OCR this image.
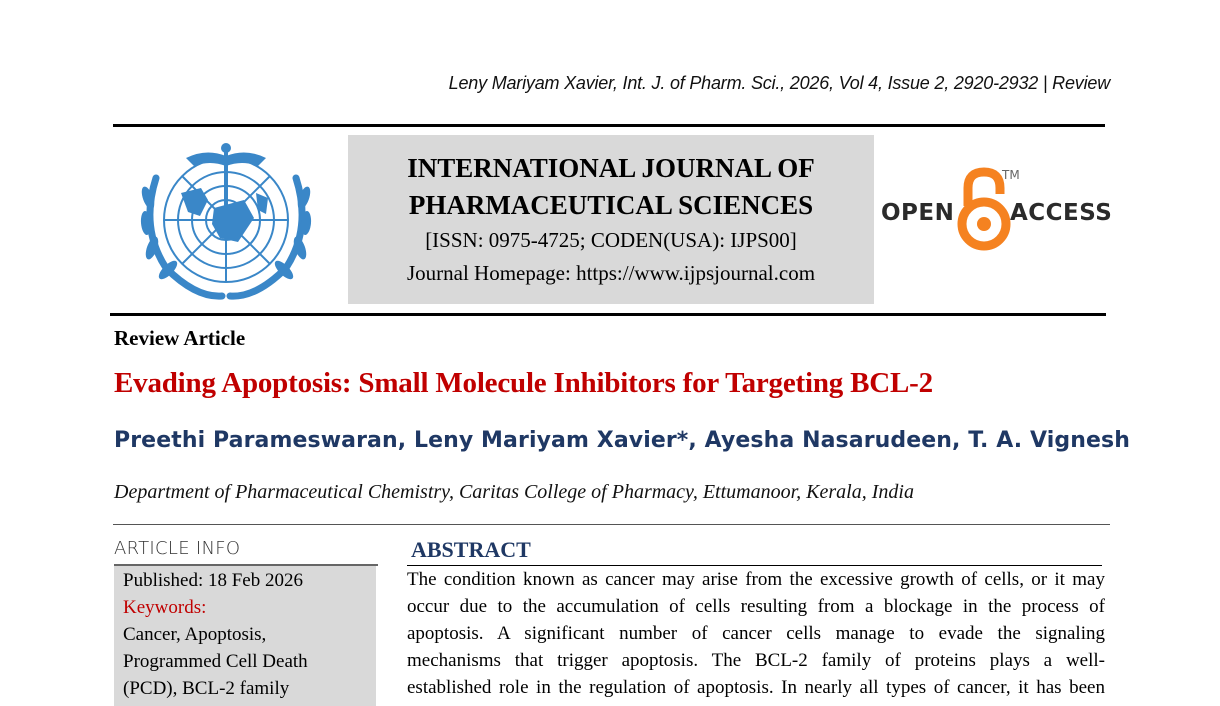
Leny Mariyam Xavier, Int. J. of Pharm. Sci., 2026, Vol 4, Issue 2, 2920-2932 | Review
INTERNATIONAL JOURNAL OF
PHARMACEUTICAL SCIENCES
[ISSN: 0975-4725; CODEN(USA): IJPS00]
Journal Homepage: https://www.ijpsjournal.com
OPEN
TM
ACCESS
Review Article
Evading Apoptosis: Small Molecule Inhibitors for Targeting BCL-2
Preethi Parameswaran, Leny Mariyam Xavier*, Ayesha Nasarudeen, T. A. Vignesh
Department of Pharmaceutical Chemistry, Caritas College of Pharmacy, Ettumanoor, Kerala, India
ARTICLE INFO
Published: 18 Feb 2026
Keywords:
Cancer, Apoptosis,
Programmed Cell Death
(PCD), BCL-2 family
ABSTRACT

The condition known as cancer may arise from the excessive growth of cells, or it may

occur due to the accumulation of cells resulting from a blockage in the process of

apoptosis. A significant number of cancer cells manage to evade the signaling

mechanisms that trigger apoptosis. The BCL-2 family of proteins plays a well-

established role in the regulation of apoptosis. In nearly all types of cancer, it has been
